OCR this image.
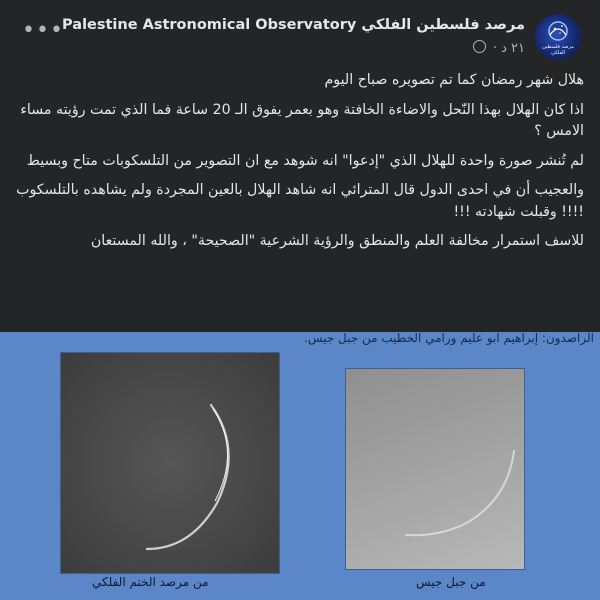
•••
مرصد فلسطين الفلكي
مرصد فلسطين الفلكي Palestine Astronomical Observatory
٢١ د ·

هلال شهر رمضان كما تم تصويره صباح اليوم

اذا كان الهلال بهذا النّحل والاضاءة الخافتة وهو بعمر يفوق الـ 20 ساعة فما الذي تمت رؤيته مساء الامس ؟

لم تُنشر صورة واحدة للهلال الذي "إدعوا" انه شوهد مع ان التصوير من التلسكوبات متاح وبسيط

والعجيب أن في احدى الدول قال المترائي انه شاهد الهلال بالعين المجردة ولم يشاهده بالتلسكوب !!!! وقبلت شهادته !!!

للاسف استمرار مخالفة العلم والمنطق والرؤية الشرعية "الصحيحة" ، والله المستعان

الراصدون: إبراهيم ابو عليم ورامي الخطيب من جبل جيس.
من مرصد الختم الفلكي	من جبل جيس
